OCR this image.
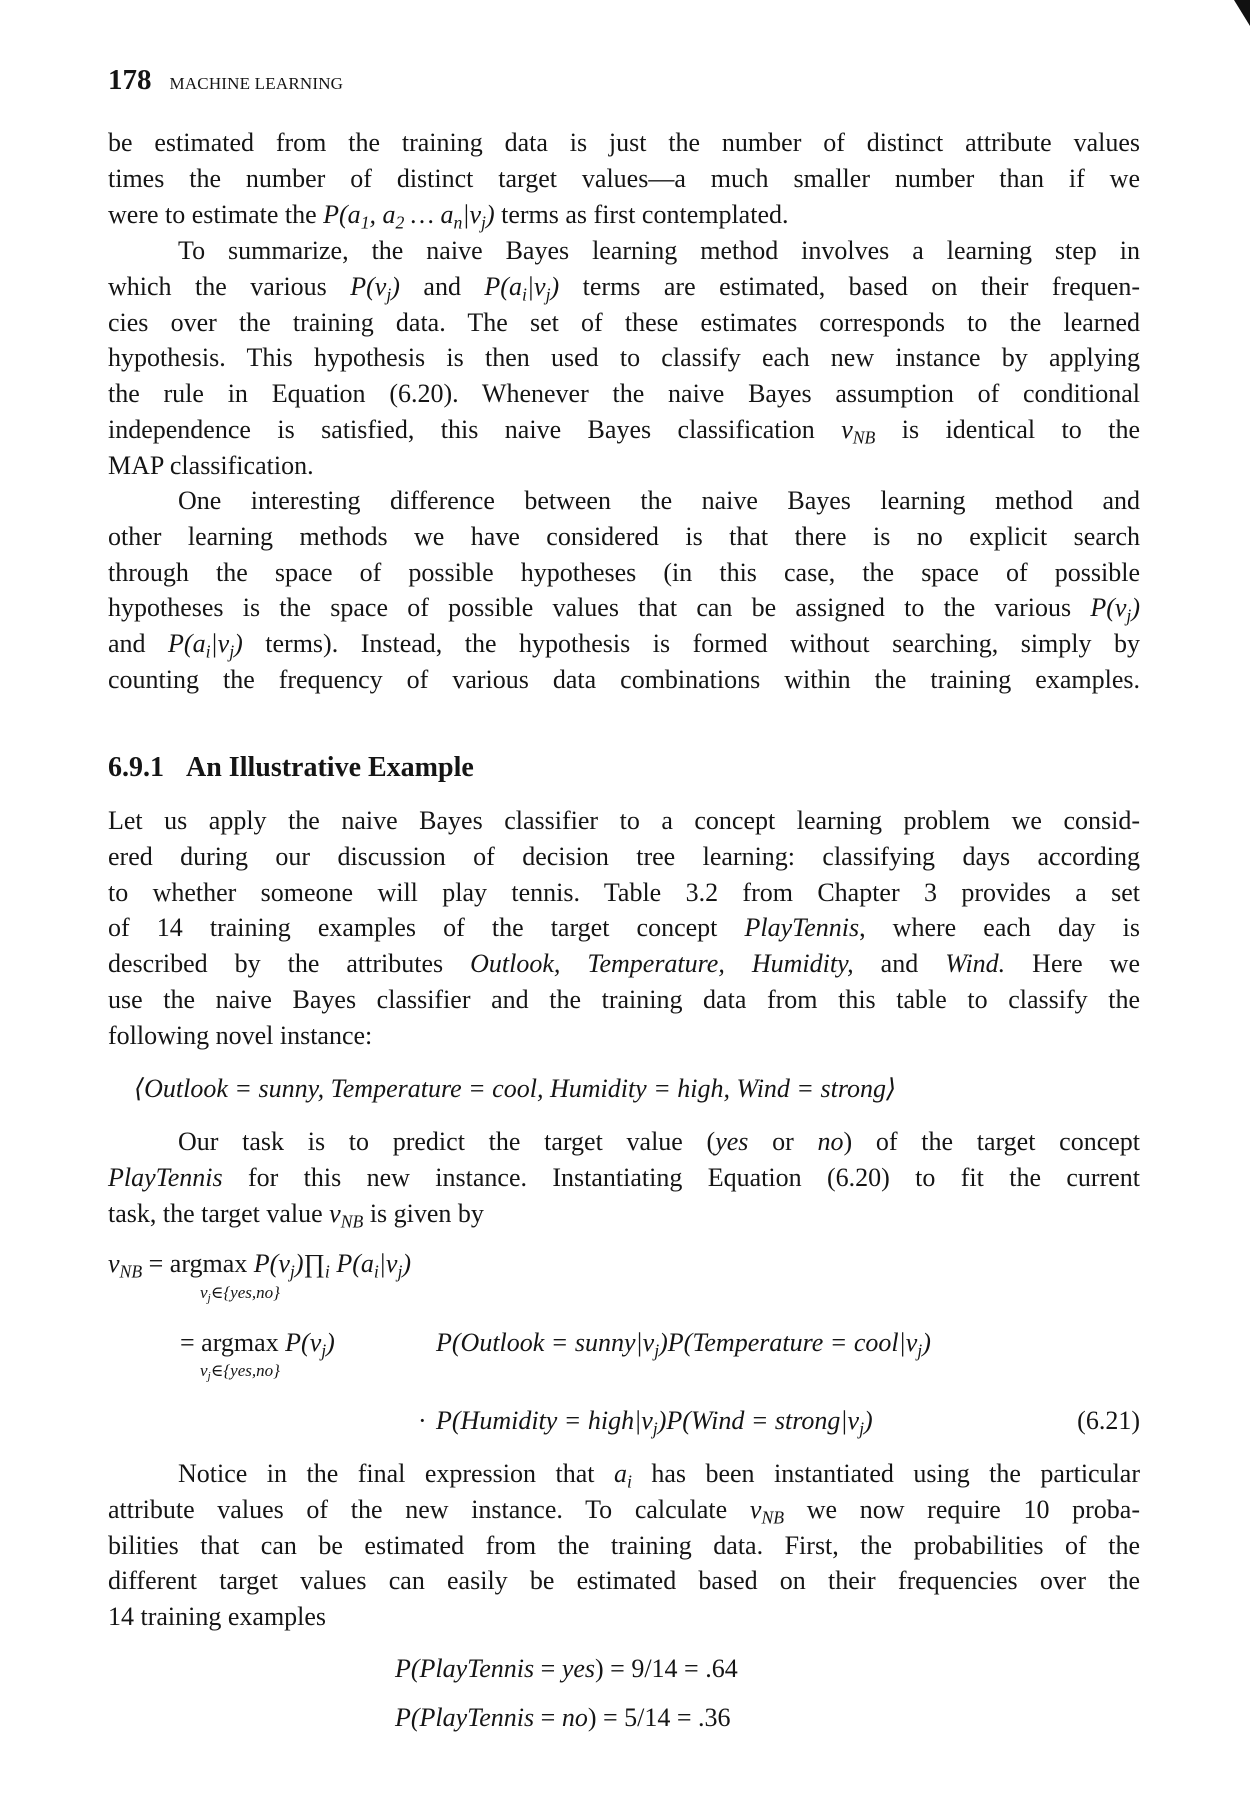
178 MACHINE LEARNING
be estimated from the training data is just the number of distinct attribute values
times the number of distinct target values—a much smaller number than if we
were to estimate the $P(a_1$, $a_2$ … $a_n|v_j$) terms as first contemplated.
To summarize, the naive Bayes learning method involves a learning step in
which the various $P(v_j)$ and $P(a_i|v_j)$ terms are estimated, based on their frequen-
cies over the training data. The set of these estimates corresponds to the learned
hypothesis. This hypothesis is then used to classify each new instance by applying
the rule in Equation (6.20). Whenever the naive Bayes assumption of conditional
independence is satisfied, this naive Bayes classification $v_{NB}$ is identical to the
MAP classification.
One interesting difference between the naive Bayes learning method and
other learning methods we have considered is that there is no explicit search
through the space of possible hypotheses (in this case, the space of possible
hypotheses is the space of possible values that can be assigned to the various $P(v_j)$
and $P(a_i|v_j)$ terms). Instead, the hypothesis is formed without searching, simply by
counting the frequency of various data combinations within the training examples.
Let us apply the naive Bayes classifier to a concept learning problem we consid-
ered during our discussion of decision tree learning: classifying days according
to whether someone will play tennis. Table 3.2 from Chapter 3 provides a set
of 14 training examples of the target concept PlayTennis, where each day is
described by the attributes Outlook, Temperature, Humidity, and Wind. Here we
use the naive Bayes classifier and the training data from this table to classify the
following novel instance:
Our task is to predict the target value (yes or no) of the target concept
PlayTennis for this new instance. Instantiating Equation (6.20) to fit the current
task, the target value $v_{NB}$ is given by
Notice in the final expression that $a_i$ has been instantiated using the particular
attribute values of the new instance. To calculate $v_{NB}$ we now require 10 proba-
bilities that can be estimated from the training data. First, the probabilities of the
different target values can easily be estimated based on their frequencies over the
14 training examples
6.9.1 An Illustrative Example
⟨Outlook = sunny, Temperature = cool, Humidity = high, Wind = strong⟩
$v_{NB} = argmax$ $P(v_j)\prod_i$ $P(a_i|v_j)$
$v_j\in\{yes,no\}$
= argmax $P(v_j)$	P(Outlook = $sunny|v_j)P(Temperature$ = $cool|v_j$)
$v_j\in\{yes,no\}$
· P(Humidity = $high|v_j)P(Wind$ = $strong|v_j$)	(6.21)
P(PlayTennis = yes) = 9/14 = .64
P(PlayTennis = no) = 5/14 = .36
